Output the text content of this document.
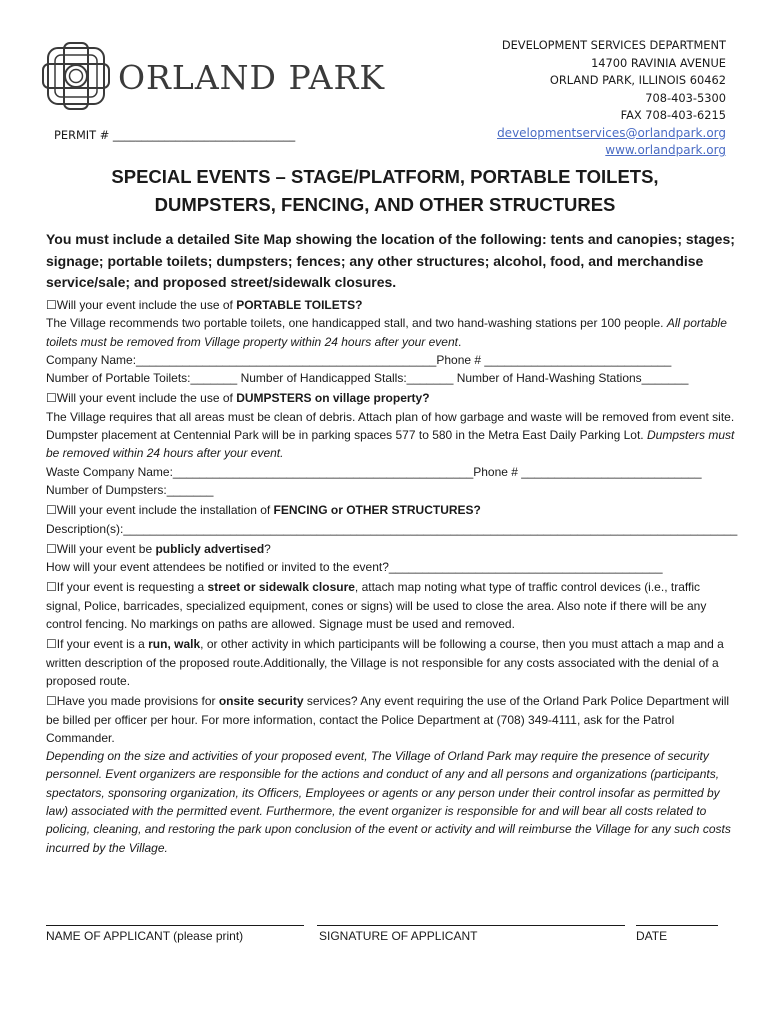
ORLAND PARK
DEVELOPMENT SERVICES DEPARTMENT
14700 RAVINIA AVENUE
ORLAND PARK, ILLINOIS 60462
708-403-5300
FAX 708-403-6215
developmentservices@orlandpark.org
www.orlandpark.org
PERMIT # ________________________________
SPECIAL EVENTS – STAGE/PLATFORM, PORTABLE TOILETS,
DUMPSTERS, FENCING, AND OTHER STRUCTURES
You must include a detailed Site Map showing the location of the following: tents and canopies; stages; signage; portable toilets; dumpsters; fences; any other structures; alcohol, food, and merchandise service/sale; and proposed street/sidewalk closures.

☐Will your event include the use of PORTABLE TOILETS?

The Village recommends two portable toilets, one handicapped stall, and two hand-washing stations per 100 people. All portable toilets must be removed from Village property within 24 hours after your event.

Company Name:_____________________________________________Phone # ____________________________

Number of Portable Toilets:_______ Number of Handicapped Stalls:_______ Number of Hand-Washing Stations_______

☐Will your event include the use of DUMPSTERS on village property?

The Village requires that all areas must be clean of debris. Attach plan of how garbage and waste will be removed from event site. Dumpster placement at Centennial Park will be in parking spaces 577 to 580 in the Metra East Daily Parking Lot. Dumpsters must be removed within 24 hours after your event.

Waste Company Name:_____________________________________________Phone # ___________________________

Number of Dumpsters:_______

☐Will your event include the installation of FENCING or OTHER STRUCTURES?

Description(s):____________________________________________________________________________________________

☐Will your event be publicly advertised?

How will your event attendees be notified or invited to the event?_________________________________________

☐If your event is requesting a street or sidewalk closure, attach map noting what type of traffic control devices (i.e., traffic signal, Police, barricades, specialized equipment, cones or signs) will be used to close the area. Also note if there will be any control fencing. No markings on paths are allowed. Signage must be used and removed.

☐If your event is a run, walk, or other activity in which participants will be following a course, then you must attach a map and a written description of the proposed route.Additionally, the Village is not responsible for any costs associated with the denial of a proposed route.

☐Have you made provisions for onsite security services? Any event requiring the use of the Orland Park Police Department will be billed per officer per hour. For more information, contact the Police Department at (708) 349-4111, ask for the Patrol Commander.

Depending on the size and activities of your proposed event, The Village of Orland Park may require the presence of security personnel. Event organizers are responsible for the actions and conduct of any and all persons and organizations (participants, spectators, sponsoring organization, its Officers, Employees or agents or any person under their control insofar as permitted by law) associated with the permitted event. Furthermore, the event organizer is responsible for and will bear all costs related to policing, cleaning, and restoring the park upon conclusion of the event or activity and will reimburse the Village for any such costs incurred by the Village.

NAME OF APPLICANT (please print)	SIGNATURE OF APPLICANT	DATE
